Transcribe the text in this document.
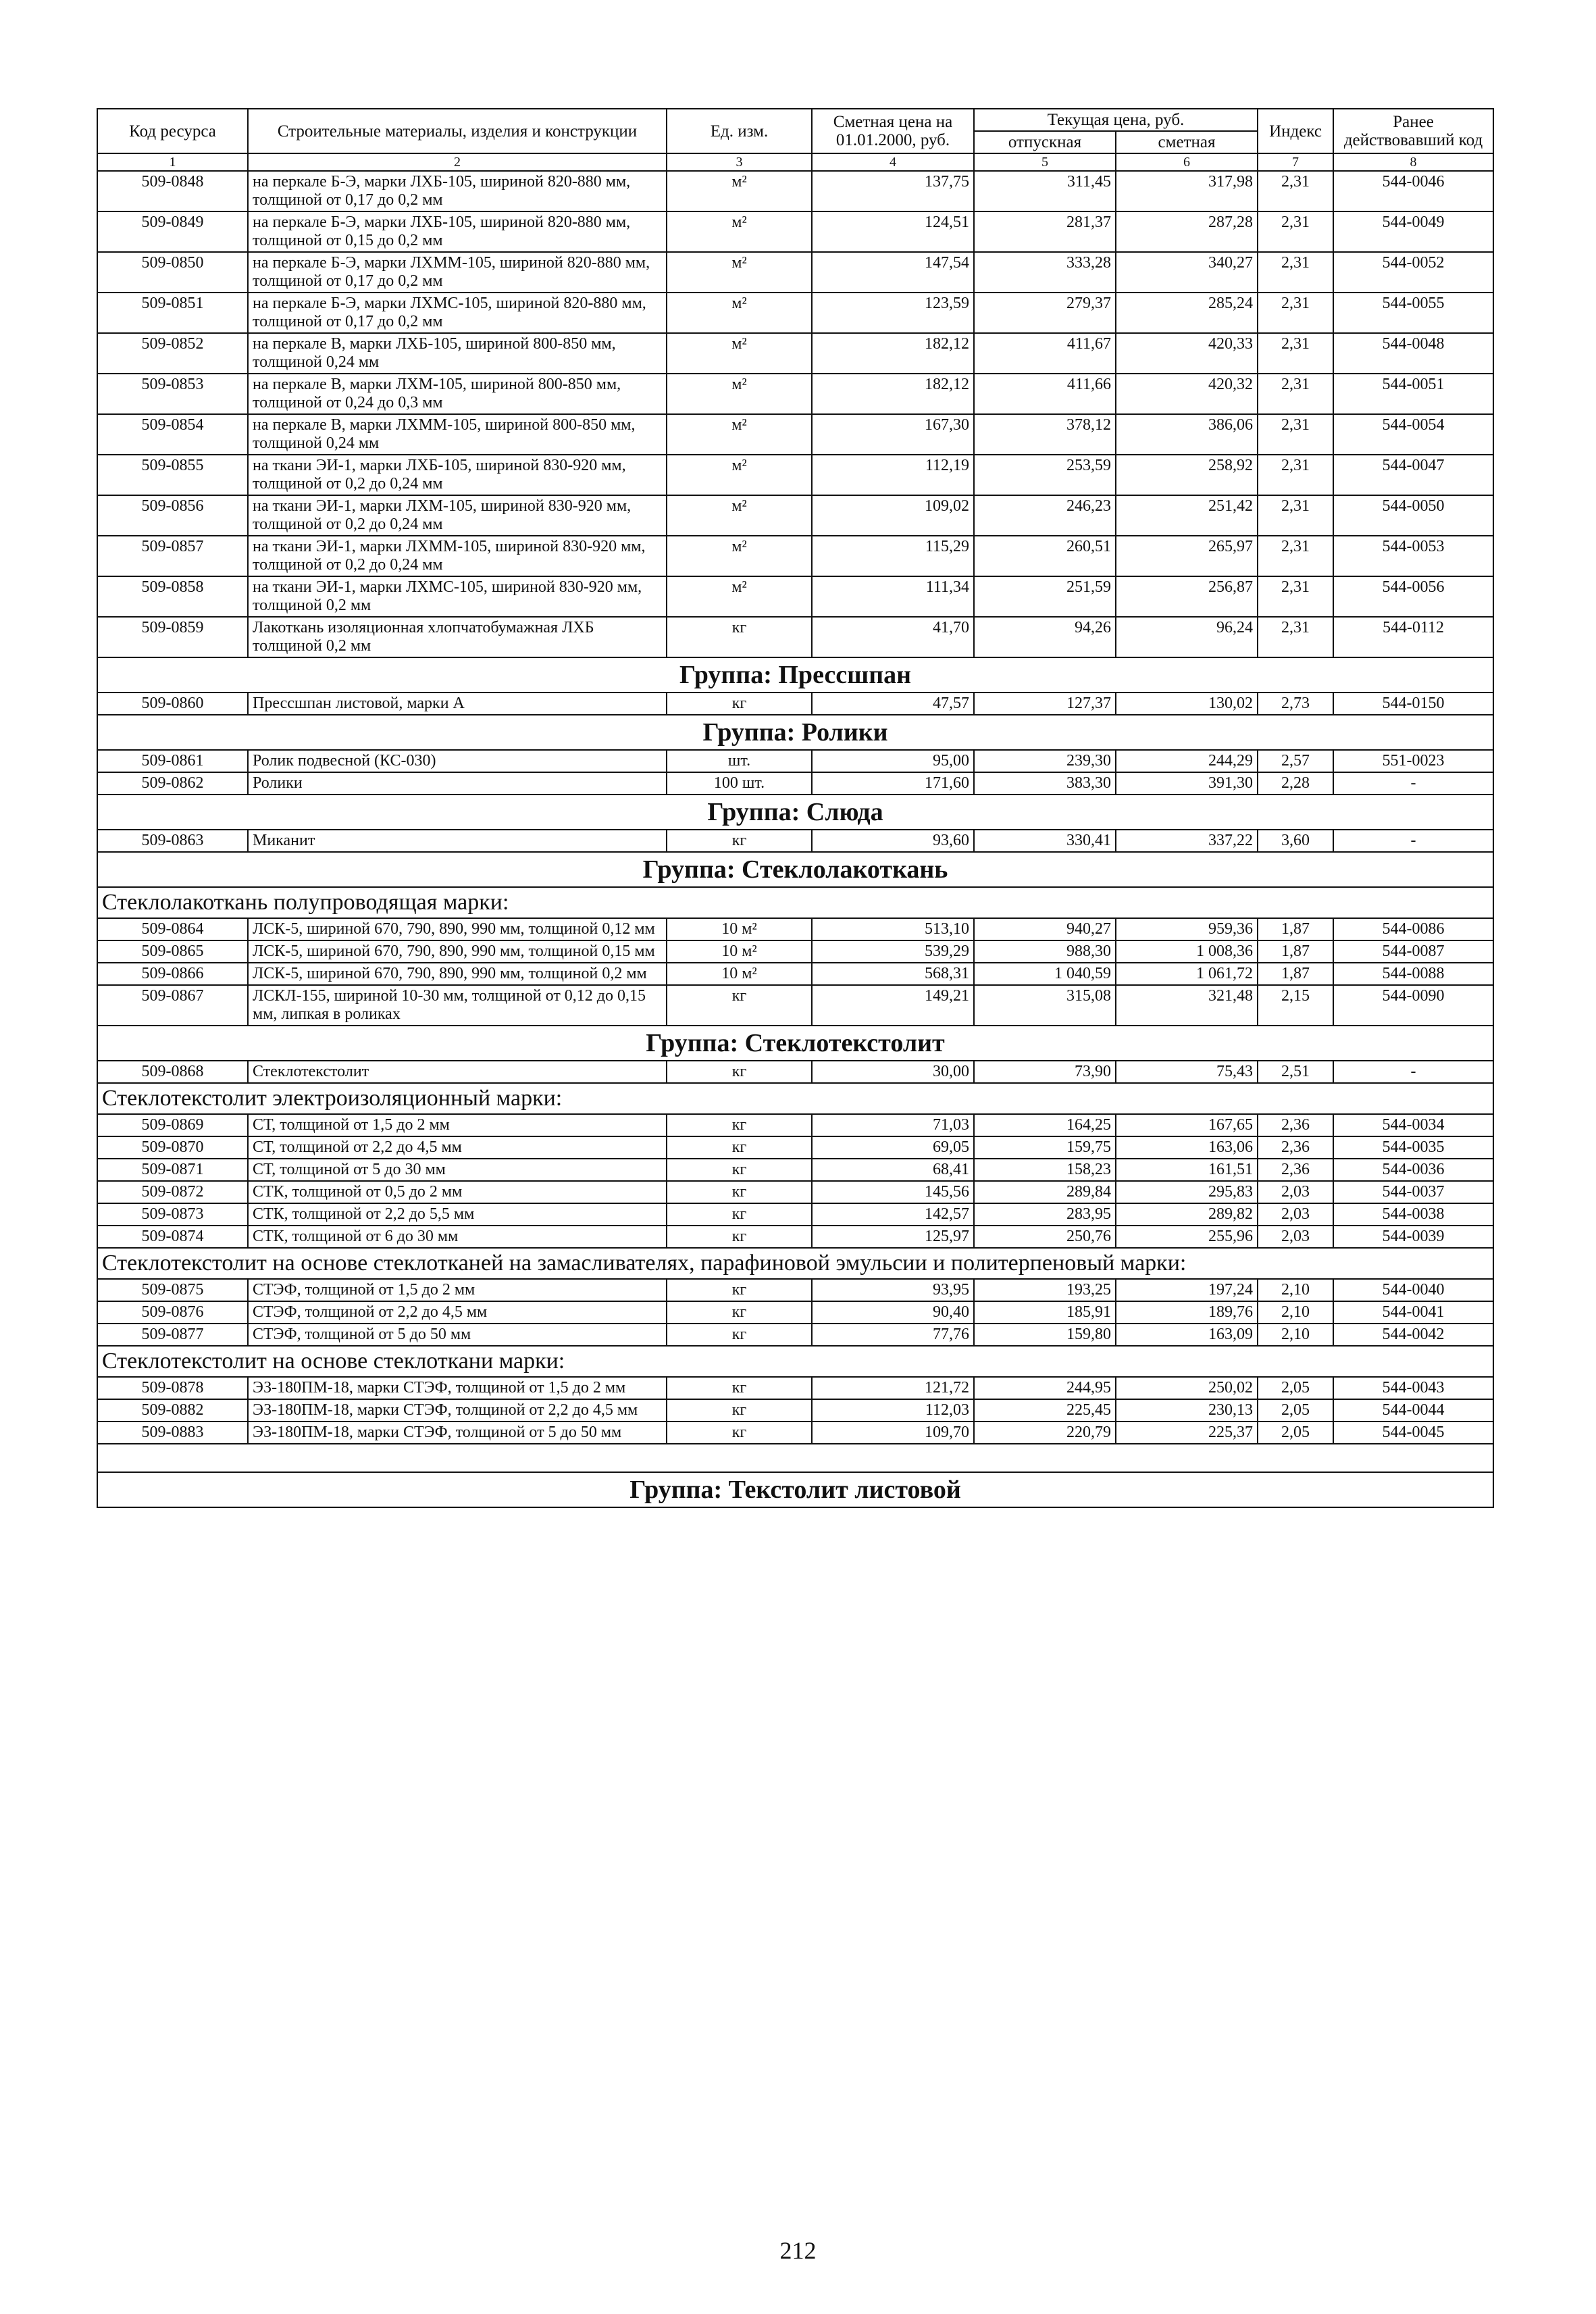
Код ресурса	Строительные материалы, изделия и конструкции	Ед. изм.	Сметная цена на 01.01.2000, руб.	Текущая цена, руб.		Индекс	Ранее действовавший код
				отпускная	сметная		
1	2	3	4	5	6	7	8
509-0848	на перкале Б-Э, марки ЛХБ-105, шириной 820-880 мм, толщиной от 0,17 до 0,2 мм	м²	137,75	311,45	317,98	2,31	544-0046
509-0849	на перкале Б-Э, марки ЛХБ-105, шириной 820-880 мм, толщиной от 0,15 до 0,2 мм	м²	124,51	281,37	287,28	2,31	544-0049
509-0850	на перкале Б-Э, марки ЛХММ-105, шириной 820-880 мм, толщиной от 0,17 до 0,2 мм	м²	147,54	333,28	340,27	2,31	544-0052
509-0851	на перкале Б-Э, марки ЛХМС-105, шириной 820-880 мм, толщиной от 0,17 до 0,2 мм	м²	123,59	279,37	285,24	2,31	544-0055
509-0852	на перкале В, марки ЛХБ-105, шириной 800-850 мм, толщиной 0,24 мм	м²	182,12	411,67	420,33	2,31	544-0048
509-0853	на перкале В, марки ЛХМ-105, шириной 800-850 мм, толщиной от 0,24 до 0,3 мм	м²	182,12	411,66	420,32	2,31	544-0051
509-0854	на перкале В, марки ЛХММ-105, шириной 800-850 мм, толщиной 0,24 мм	м²	167,30	378,12	386,06	2,31	544-0054
509-0855	на ткани ЭИ-1, марки ЛХБ-105, шириной 830-920 мм, толщиной от 0,2 до 0,24 мм	м²	112,19	253,59	258,92	2,31	544-0047
509-0856	на ткани ЭИ-1, марки ЛХМ-105, шириной 830-920 мм, толщиной от 0,2 до 0,24 мм	м²	109,02	246,23	251,42	2,31	544-0050
509-0857	на ткани ЭИ-1, марки ЛХММ-105, шириной 830-920 мм, толщиной от 0,2 до 0,24 мм	м²	115,29	260,51	265,97	2,31	544-0053
509-0858	на ткани ЭИ-1, марки ЛХМС-105, шириной 830-920 мм, толщиной 0,2 мм	м²	111,34	251,59	256,87	2,31	544-0056
509-0859	Лакоткань изоляционная хлопчатобумажная ЛХБ толщиной 0,2 мм	кг	41,70	94,26	96,24	2,31	544-0112
Группа: Прессшпан							
509-0860	Прессшпан листовой, марки А	кг	47,57	127,37	130,02	2,73	544-0150
Группа: Ролики							
509-0861	Ролик подвесной (КС-030)	шт.	95,00	239,30	244,29	2,57	551-0023
509-0862	Ролики	100 шт.	171,60	383,30	391,30	2,28	-
Группа: Слюда							
509-0863	Миканит	кг	93,60	330,41	337,22	3,60	-
Группа: Стеклолакоткань							
Стеклолакоткань полупроводящая марки:							
509-0864	ЛСК-5, шириной 670, 790, 890, 990 мм, толщиной 0,12 мм	10 м²	513,10	940,27	959,36	1,87	544-0086
509-0865	ЛСК-5, шириной 670, 790, 890, 990 мм, толщиной 0,15 мм	10 м²	539,29	988,30	1 008,36	1,87	544-0087
509-0866	ЛСК-5, шириной 670, 790, 890, 990 мм, толщиной 0,2 мм	10 м²	568,31	1 040,59	1 061,72	1,87	544-0088
509-0867	ЛСКЛ-155, шириной 10-30 мм, толщиной от 0,12 до 0,15 мм, липкая в роликах	кг	149,21	315,08	321,48	2,15	544-0090
Группа: Стеклотекстолит							
509-0868	Стеклотекстолит	кг	30,00	73,90	75,43	2,51	-
Стеклотекстолит электроизоляционный марки:							
509-0869	СТ, толщиной от 1,5 до 2 мм	кг	71,03	164,25	167,65	2,36	544-0034
509-0870	СТ, толщиной от 2,2 до 4,5 мм	кг	69,05	159,75	163,06	2,36	544-0035
509-0871	СТ, толщиной от 5 до 30 мм	кг	68,41	158,23	161,51	2,36	544-0036
509-0872	СТК, толщиной от 0,5 до 2 мм	кг	145,56	289,84	295,83	2,03	544-0037
509-0873	СТК, толщиной от 2,2 до 5,5 мм	кг	142,57	283,95	289,82	2,03	544-0038
509-0874	СТК, толщиной от 6 до 30 мм	кг	125,97	250,76	255,96	2,03	544-0039
Стеклотекстолит на основе стеклотканей на замасливателях, парафиновой эмульсии и политерпеновый марки:							
509-0875	СТЭФ, толщиной от 1,5 до 2 мм	кг	93,95	193,25	197,24	2,10	544-0040
509-0876	СТЭФ, толщиной от 2,2 до 4,5 мм	кг	90,40	185,91	189,76	2,10	544-0041
509-0877	СТЭФ, толщиной от 5 до 50 мм	кг	77,76	159,80	163,09	2,10	544-0042
Стеклотекстолит на основе стеклоткани марки:							
509-0878	ЭЗ-180ПМ-18, марки СТЭФ, толщиной от 1,5 до 2 мм	кг	121,72	244,95	250,02	2,05	544-0043
509-0882	ЭЗ-180ПМ-18, марки СТЭФ, толщиной от 2,2 до 4,5 мм	кг	112,03	225,45	230,13	2,05	544-0044
509-0883	ЭЗ-180ПМ-18, марки СТЭФ, толщиной от 5 до 50 мм	кг	109,70	220,79	225,37	2,05	544-0045

Группа: Текстолит листовой							
212
